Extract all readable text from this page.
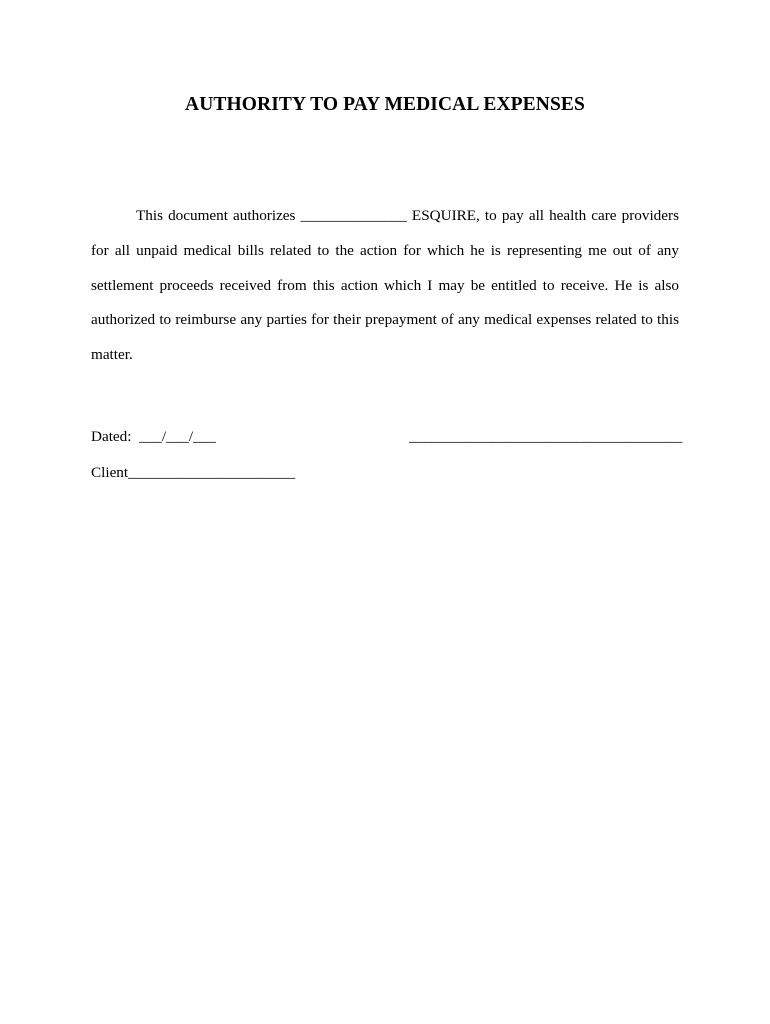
AUTHORITY TO PAY MEDICAL EXPENSES

This document authorizes ______________ ESQUIRE, to pay all health care providers for all unpaid medical bills related to the action for which he is representing me out of any settlement proceeds received from this action which I may be entitled to receive. He is also authorized to reimburse any parties for their prepayment of any medical expenses related to this matter.

Dated: ___/___/___	____________________________________
Client______________________
